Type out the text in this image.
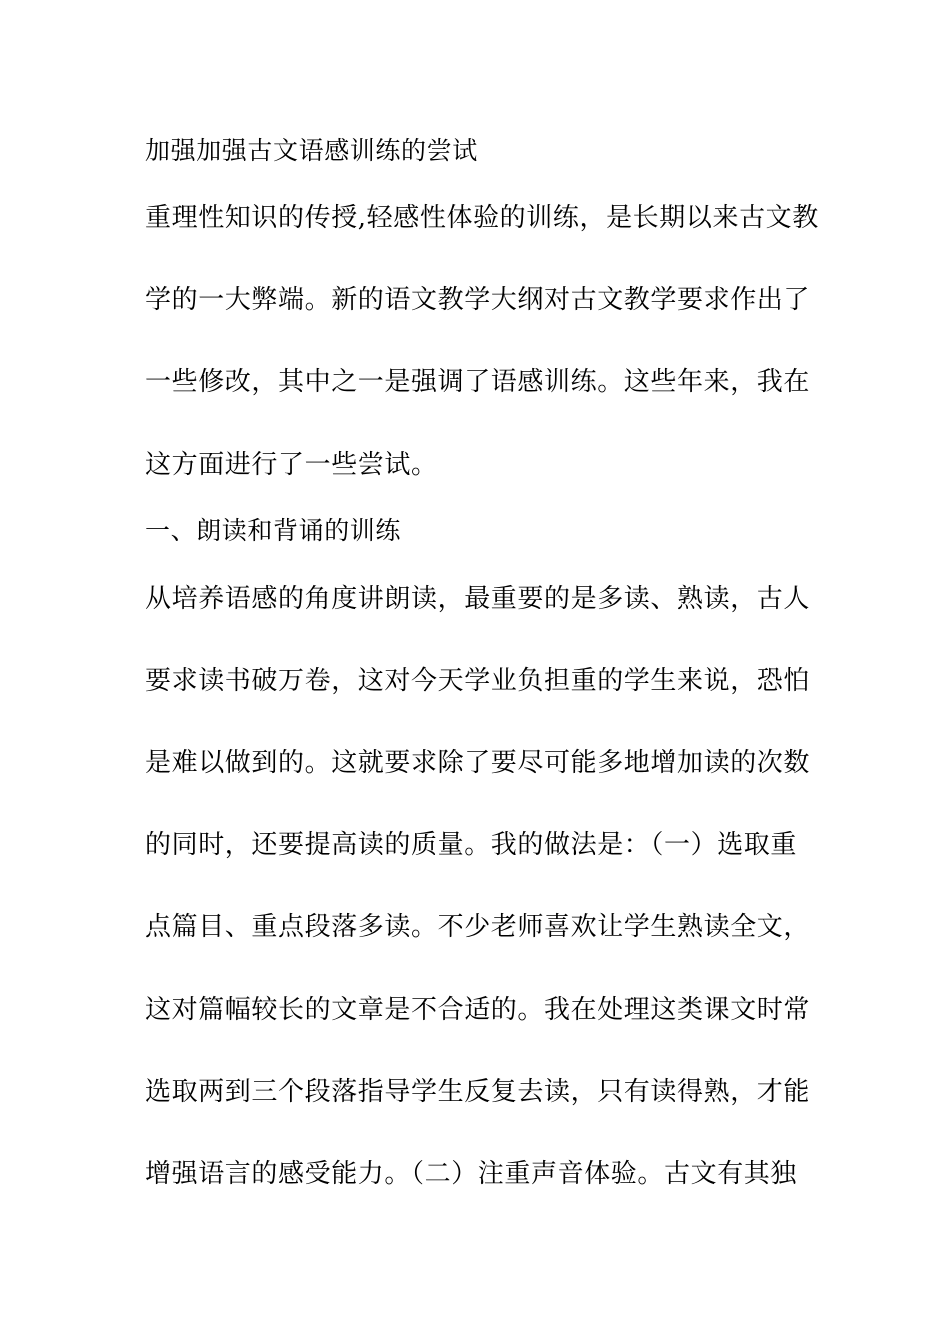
加强加强古文语感训练的尝试
重理性知识的传授,轻感性体验的训练，是长期以来古文教
学的一大弊端。新的语文教学大纲对古文教学要求作出了
一些修改，其中之一是强调了语感训练。这些年来，我在
这方面进行了一些尝试。
一、朗读和背诵的训练
从培养语感的角度讲朗读，最重要的是多读、熟读，古人
要求读书破万卷，这对今天学业负担重的学生来说，恐怕
是难以做到的。这就要求除了要尽可能多地增加读的次数
的同时，还要提高读的质量。我的做法是：（一）选取重
点篇目、重点段落多读。不少老师喜欢让学生熟读全文，
这对篇幅较长的文章是不合适的。我在处理这类课文时常
选取两到三个段落指导学生反复去读，只有读得熟，才能
增强语言的感受能力。（二）注重声音体验。古文有其独
